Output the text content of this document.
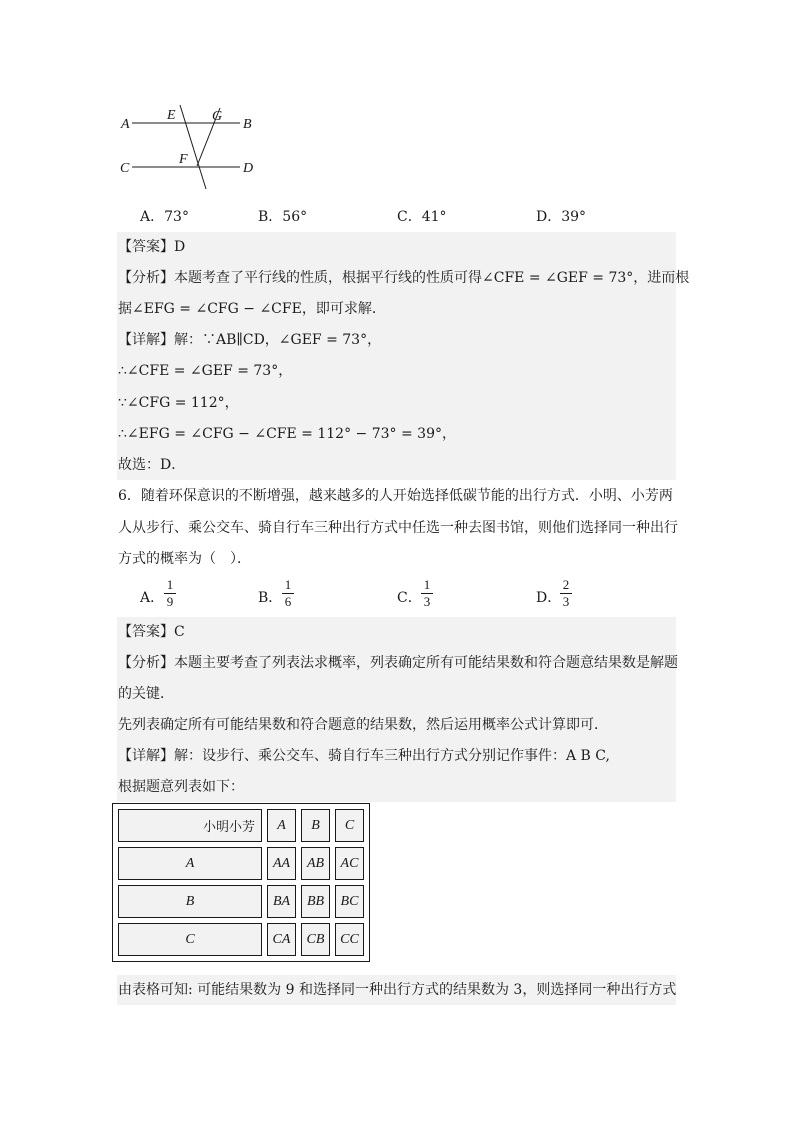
A
E	G
B
C
F
D
A．73°	B．56°	C．41°	D．39°
【答案】D
【分析】本题考查了平行线的性质，根据平行线的性质可得∠CFE = ∠GEF = 73°，进而根
据∠EFG = ∠CFG − ∠CFE，即可求解．
【详解】解：∵AB∥CD，∠GEF = 73°，
∴∠CFE = ∠GEF = 73°，
∵∠CFG = 112°，
∴∠EFG = ∠CFG − ∠CFE = 112° − 73° = 39°，
故选：D．
6．随着环保意识的不断增强，越来越多的人开始选择低碳节能的出行方式．小明、小芳两
人从步行、乘公交车、骑自行车三种出行方式中任选一种去图书馆，则他们选择同一种出行
方式的概率为（　）．
A．
1
9	B．
1
6	C．
1
3	D．
2
3
【答案】C
【分析】本题主要考查了列表法求概率，列表确定所有可能结果数和符合题意结果数是解题
的关键．
先列表确定所有可能结果数和符合题意的结果数，然后运用概率公式计算即可．
【详解】解：设步行、乘公交车、骑自行车三种出行方式分别记作事件：A B C,
根据题意列表如下：
小明小芳	A	B	C
A	AA	AB	AC
B	BA	BB	BC
C	CA	CB	CC
由表格可知: 可能结果数为 9 和选择同一种出行方式的结果数为 3，则选择同一种出行方式
